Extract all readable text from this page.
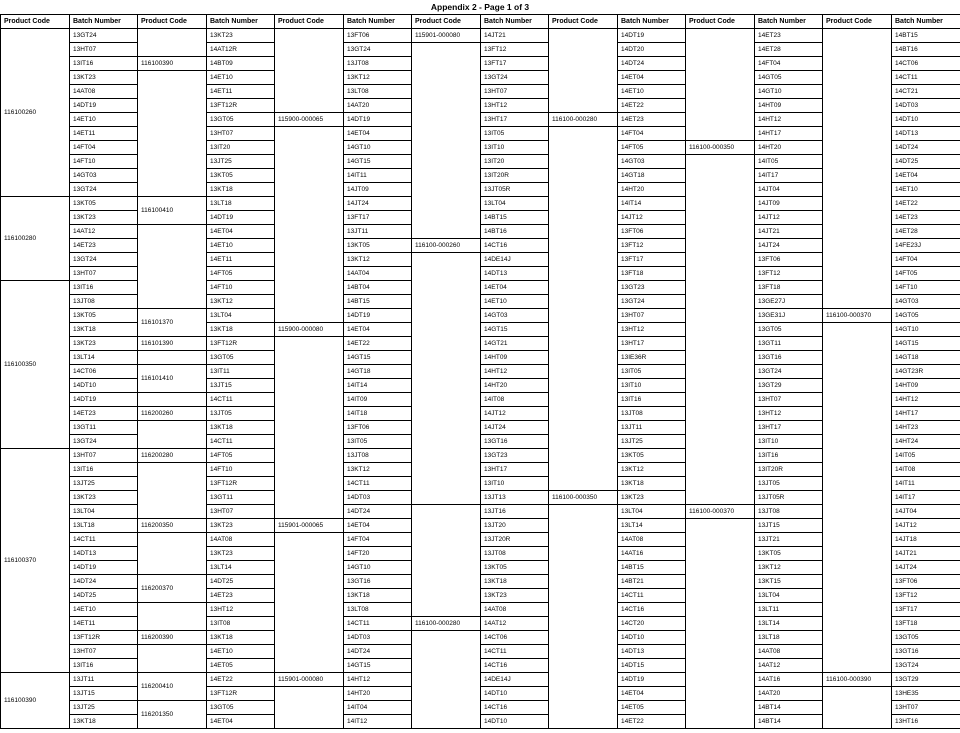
Appendix 2 - Page 1 of 3
Product Code	Batch Number	Product Code	Batch Number	Product Code	Batch Number	Product Code	Batch Number	Product Code	Batch Number	Product Code	Batch Number	Product Code	Batch Number
116100260	13GT24		13KT23		13FT06	115901-000080	14JT21		14DT19		14ET23		14BT15
	13HT07		14AT12R		13GT24		13FT12		14DT20		14ET28		14BT16
	13IT16	116100390	14BT09		13JT08		13FT17		14DT24		14FT04		14CT06
	13KT23		14ET10		13KT12		13GT24		14ET04		14GT05		14CT11
	14AT08		14ET11		13LT08		13HT07		14ET10		14GT10		14CT21
	14DT19		13FT12R		14AT20		13HT12		14ET22		14HT09		14DT03
	14ET10		13GT05	115900-000065	14DT19		13HT17	116100-000280	14ET23		14HT12		14DT10
	14ET11		13HT07		14ET04		13IT05		14FT04		14HT17		14DT13
	14FT04		13IT20		14GT10		13IT10		14FT05	116100-000350	14HT20		14DT24
	14FT10		13JT25		14GT15		13IT20		14GT03		14IT05		14DT25
	14GT03		13KT05		14IT11		13IT20R		14GT18		14IT17		14ET04
	13GT24		13KT18		14JT09		13JT05R		14HT20		14JT04		14ET10
116100280	13KT05	116100410	13LT18		14JT24		13LT04		14IT14		14JT09		14ET22
	13KT23		14DT19		13FT17		14BT15		14JT12		14JT12		14ET23
	14AT12		14ET04		13JT11		14BT16		13FT06		14JT21		14ET28
	14ET23		14ET10		13KT05	116100-000260	14CT16		13FT12		14JT24		14FE23J
	13GT24		14ET11		13KT12		14DE14J		13FT17		13FT06		14FT04
	13HT07		14FT05		14AT04		14DT13		13FT18		13FT12		14FT05
116100350	13IT16		14FT10		14BT04		14ET04		13GT23		13FT18		14FT10
	13JT08		13KT12		14BT15		14ET10		13GT24		13GE27J		14GT03
	13KT05	116101370	13LT04		14DT19		14GT03		13HT07		13GE31J	116100-000370	14GT05
	13KT18		13KT18	115900-000080	14ET04		14GT15		13HT12		13GT05		14GT10
	13KT23	116101390	13FT12R		14ET22		14GT21		13HT17		13GT11		14GT15
	13LT14		13GT05		14GT15		14HT09		13IE36R		13GT16		14GT18
	14CT06	116101410	13IT11		14GT18		14HT12		13IT05		13GT24		14GT23R
	14DT10		13JT15		14IT14		14HT20		13IT10		13GT29		14HT09
	14DT19		14CT11		14IT09		14IT08		13IT16		13HT07		14HT12
	14ET23	116200260	13JT05		14IT18		14JT12		13JT08		13HT12		14HT17
	13GT11		13KT18		13FT06		14JT24		13JT11		13HT17		14HT23
	13GT24		14CT11		13IT05		13GT16		13JT25		13IT10		14HT24
116100370	13HT07	116200280	14FT05		13JT08		13GT23		13KT05		13IT16		14IT05
	13IT16		14FT10		13KT12		13HT17		13KT12		13IT20R		14IT08
	13JT25		13FT12R		14CT11		13IT10		13KT18		13JT05		14IT11
	13KT23		13GT11		14DT03		13JT13	116100-000350	13KT23		13JT05R		14IT17
	13LT04		13HT07		14DT24		13JT16		13LT04	116100-000370	13JT08		14JT04
	13LT18	116200350	13KT23	115901-000065	14ET04		13JT20		13LT14		13JT15		14JT12
	14CT11		14AT08		14FT04		13JT20R		14AT08		13JT21		14JT18
	14DT13		13KT23		14FT20		13JT08		14AT16		13KT05		14JT21
	14DT19		13LT14		14GT10		13KT05		14BT15		13KT12		14JT24
	14DT24	116200370	14DT25		13GT16		13KT18		14BT21		13KT15		13FT06
	14DT25		14ET23		13KT18		13KT23		14CT11		13LT04		13FT12
	14ET10		13HT12		13LT08		14AT08		14CT16		13LT11		13FT17
	14ET11		13IT08		14CT11	116100-000280	14AT12		14CT20		13LT14		13FT18
	13FT12R	116200390	13KT18		14DT03		14CT06		14DT10		13LT18		13GT05
	13HT07		14ET10		14DT24		14CT11		14DT13		14AT08		13GT16
	13IT16		14ET05		14GT15		14CT16		14DT15		14AT12		13GT24
116100390	13JT11	116200410	14ET22	115901-000080	14HT12		14DE14J		14DT19		14AT16	116100-000390	13GT29
	13JT15		13FT12R		14HT20		14DT10		14ET04		14AT20		13HE35
	13JT25	116201350	13GT05		14IT04		14CT16		14ET05		14BT14		13HT07
	13KT18		14ET04		14IT12		14DT10		14ET22		14BT14		13HT16
